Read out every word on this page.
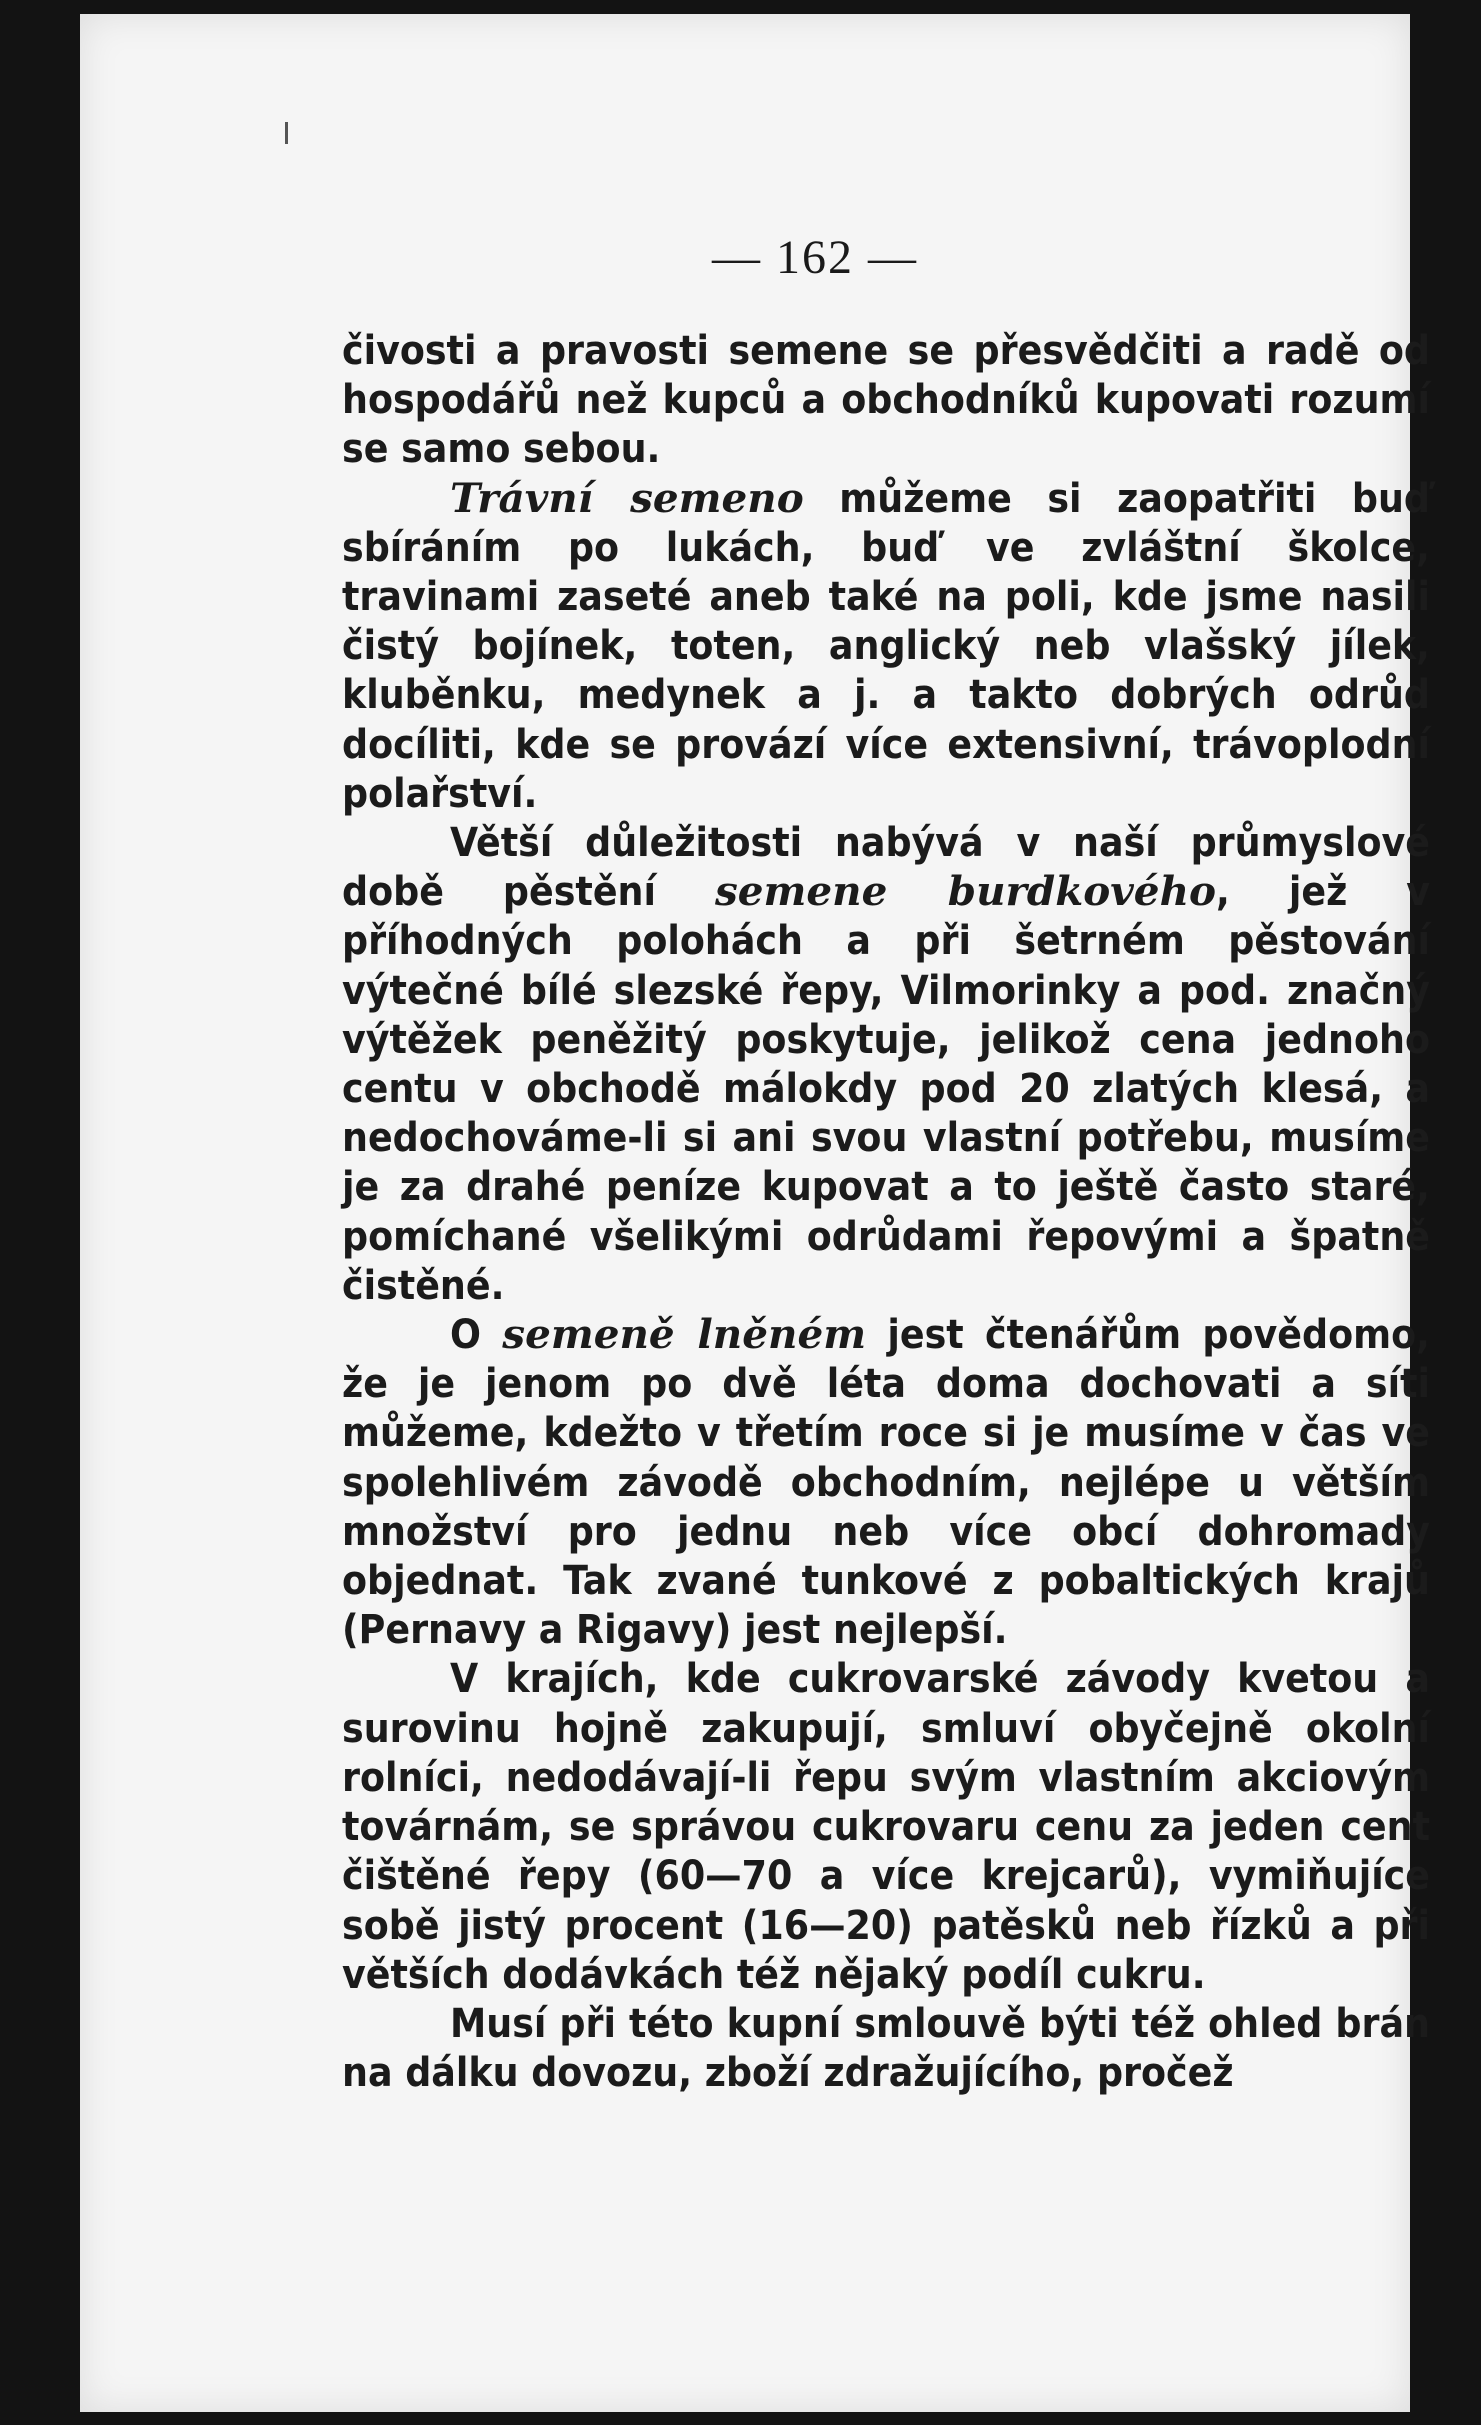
— 162 —

čivosti a pravosti semene se přesvědčiti a radě od hospodářů než kupců a obchodníků kupovati rozumí se samo sebou.

Trávní semeno můžeme si zaopatřiti buď sbíráním po lukách, buď ve zvláštní školce, travinami zaseté aneb také na poli, kde jsme nasili čistý bojínek, toten, anglický neb vlašský jílek, kluběnku, medynek a j. a takto dobrých odrůd docíliti, kde se provází více extensivní, trávoplodní polařství.

Větší důležitosti nabývá v naší průmyslové době pěstění semene burdkového, jež v příhodných polohách a při šetrném pěstování výtečné bílé slezské řepy, Vilmorinky a pod. značný výtěžek peněžitý poskytuje, jelikož cena jednoho centu v obchodě málokdy pod 20 zlatých klesá, a nedochováme-li si ani svou vlastní potřebu, musíme je za drahé peníze kupovat a to ještě často staré, pomíchané všelikými odrůdami řepovými a špatně čistěné.

O semeně lněném jest čtenářům povědomo, že je jenom po dvě léta doma dochovati a síti můžeme, kdežto v třetím roce si je musíme v čas ve spolehlivém závodě obchodním, nejlépe u větším množství pro jednu neb více obcí dohromady objednat. Tak zvané tunkové z pobaltických krajů (Pernavy a Rigavy) jest nejlepší.

V krajích, kde cukrovarské závody kvetou a surovinu hojně zakupují, smluví obyčejně okolní rolníci, nedodávají-li řepu svým vlastním akciovým továrnám, se správou cukrovaru cenu za jeden cent čištěné řepy (60—70 a více krejcarů), vymiňujíce sobě jistý procent (16—20) patěsků neb řízků a při větších dodávkách též nějaký podíl cukru.

Musí při této kupní smlouvě býti též ohled brán na dálku dovozu, zboží zdražujícího, pročež
